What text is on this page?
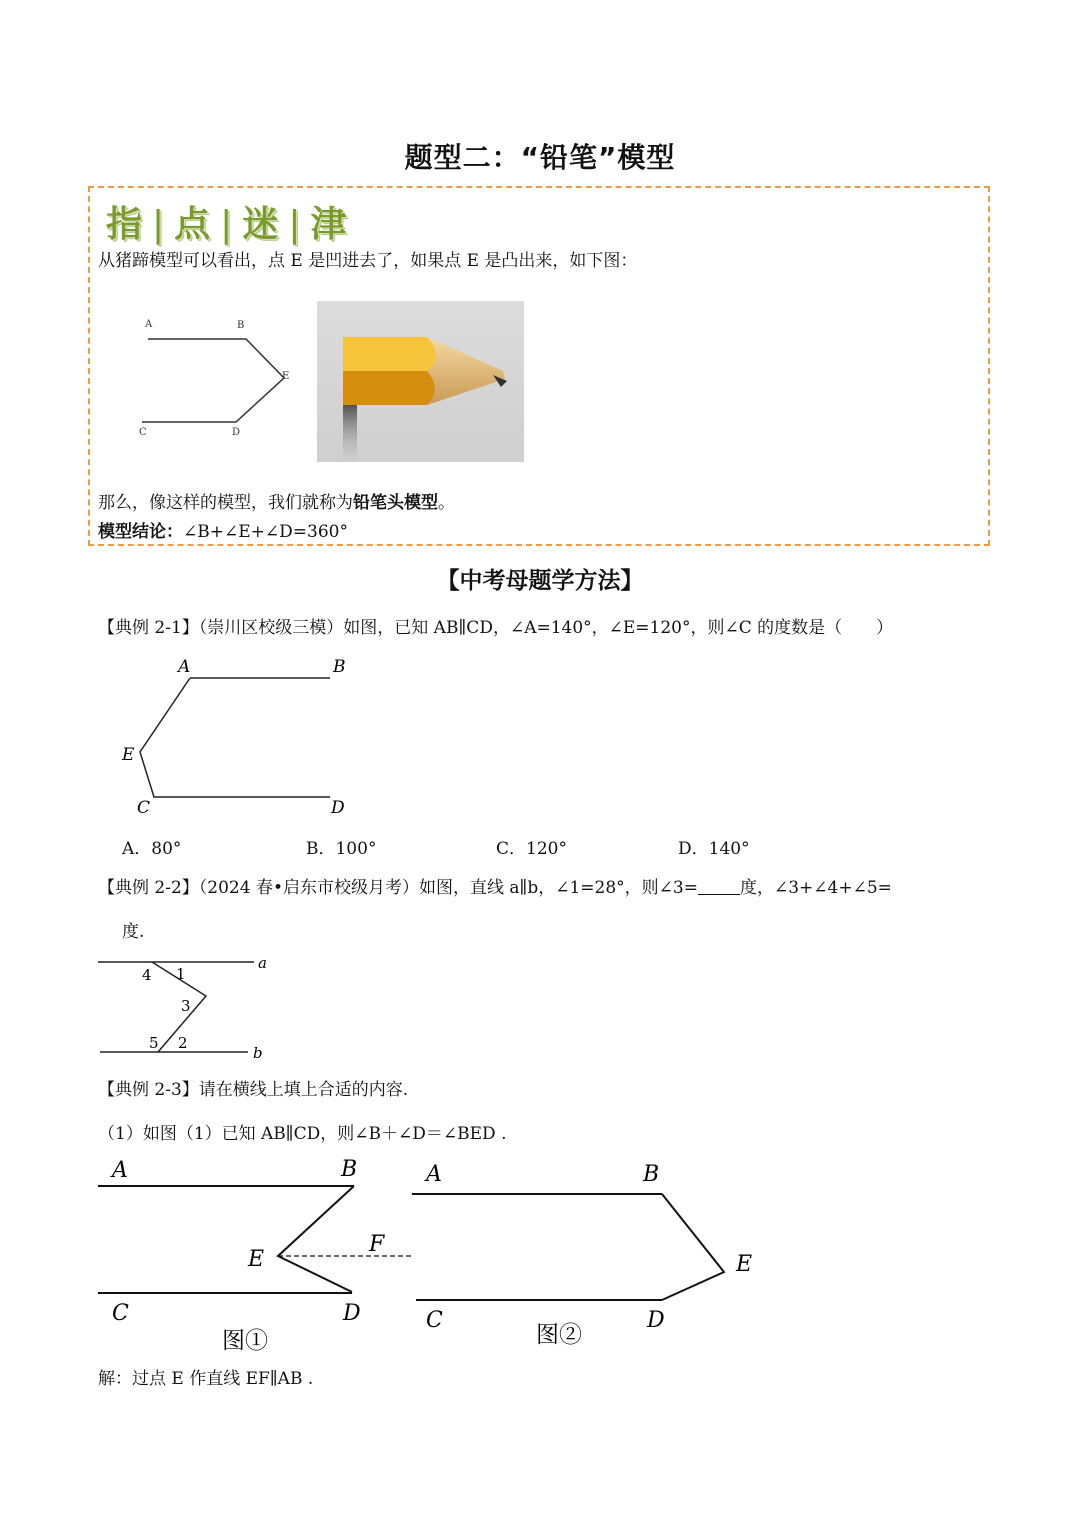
题型二：“铅笔”模型
指 | 点 | 迷 | 津
从猪蹄模型可以看出，点 E 是凹进去了，如果点 E 是凸出来，如下图：
A	B
E
C	D
那么，像这样的模型，我们就称为铅笔头模型。
模型结论：∠B+∠E+∠D=360°
【中考母题学方法】
【典例 2-1】（崇川区校级三模）如图，已知 AB∥CD，∠A=140°，∠E=120°，则∠C 的度数是（　　）
A	B
E
C	D
A．80°	B．100°	C．120°	D．140°
【典例 2-2】（2024 春•启东市校级月考）如图，直线 a∥b，∠1=28°，则∠3= 度，∠3+∠4+∠5=
度.
a
b
4 1
3
5 2
【典例 2-3】请在横线上填上合适的内容.
（1）如图（1）已知 AB∥CD，则∠B＋∠D＝∠BED .
A	B
E
F
C	D
图①
A	B
E
C	D
图②
解：过点 E 作直线 EF∥AB .
